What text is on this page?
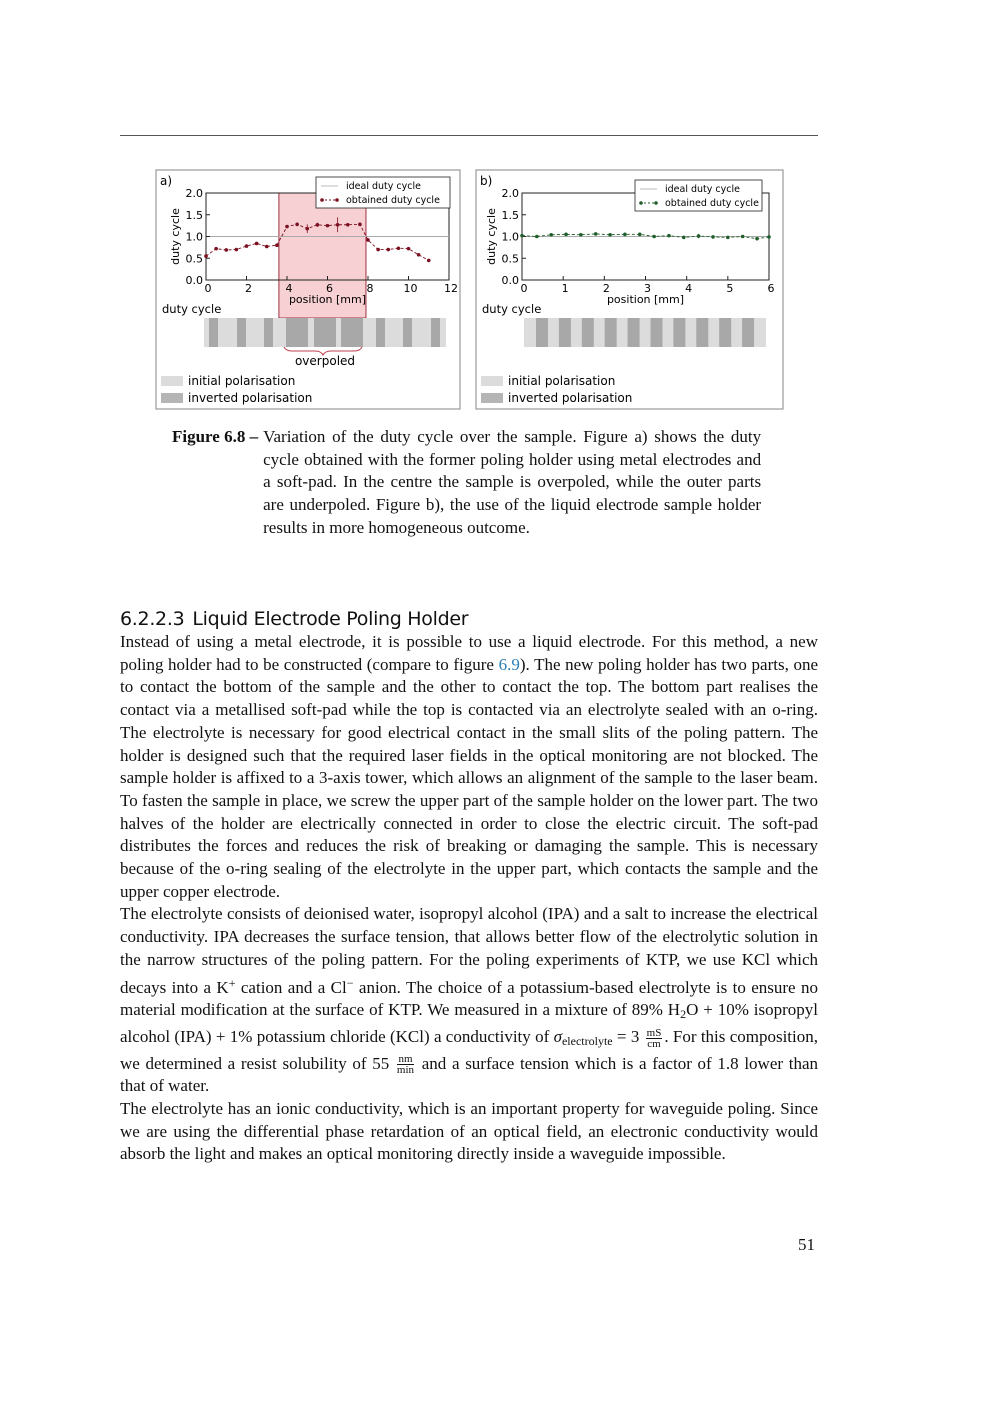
a)
0.0
0.5
1.0
1.5
2.0
0	2	4	6	8	10 12
position [mm]
duty cycle
ideal duty cycle
obtained duty cycle
duty cycle
overpoled
initial polarisation
inverted polarisation
b)
0.0
0.5
1.0
1.5
2.0
0	1	2	3	4	5	6
position [mm]
duty cycle
ideal duty cycle
obtained duty cycle
duty cycle
initial polarisation
inverted polarisation
Figure 6.8 – Variation of the duty cycle over the sample. Figure a) shows the duty cycle obtained with the former poling holder using metal electrodes and a soft-pad. In the centre the sample is overpoled, while the outer parts are underpoled. Figure b), the use of the liquid electrode sample holder results in more homogeneous outcome.
6.2.2.3 Liquid Electrode Poling Holder

Instead of using a metal electrode, it is possible to use a liquid electrode. For this method, a new poling holder had to be constructed (compare to figure 6.9). The new poling holder has two parts, one to contact the bottom of the sample and the other to contact the top. The bottom part realises the contact via a metallised soft-pad while the top is contacted via an electrolyte sealed with an o-ring. The electrolyte is necessary for good electrical contact in the small slits of the poling pattern. The holder is designed such that the required laser fields in the optical monitoring are not blocked. The sample holder is affixed to a 3-axis tower, which allows an alignment of the sample to the laser beam. To fasten the sample in place, we screw the upper part of the sample holder on the lower part. The two halves of the holder are electrically connected in order to close the electric circuit. The soft-pad distributes the forces and reduces the risk of breaking or damaging the sample. This is necessary because of the o-ring sealing of the electrolyte in the upper part, which contacts the sample and the upper copper electrode.

The electrolyte consists of deionised water, isopropyl alcohol (IPA) and a salt to increase the electrical conductivity. IPA decreases the surface tension, that allows better flow of the electrolytic solution in the narrow structures of the poling pattern. For the poling experiments of KTP, we use KCl which decays into a K+ cation and a Cl− anion. The choice of a potassium-based electrolyte is to ensure no material modification at the surface of KTP. We measured in a mixture of 89% $H_2O + 10\%$ isopropyl alcohol (IPA) + 1% potassium chloride (KCl) a conductivity of $\sigma_{electrolyte} = 3 \frac{mS}{cm}$ . For this composition, we determined a resist solubility of $55 \frac{nm}{\min}$ and a surface tension which is a factor of 1.8 lower than that of water.

The electrolyte has an ionic conductivity, which is an important property for waveguide poling. Since we are using the differential phase retardation of an optical field, an electronic conductivity would absorb the light and makes an optical monitoring directly inside a waveguide impossible.

51
